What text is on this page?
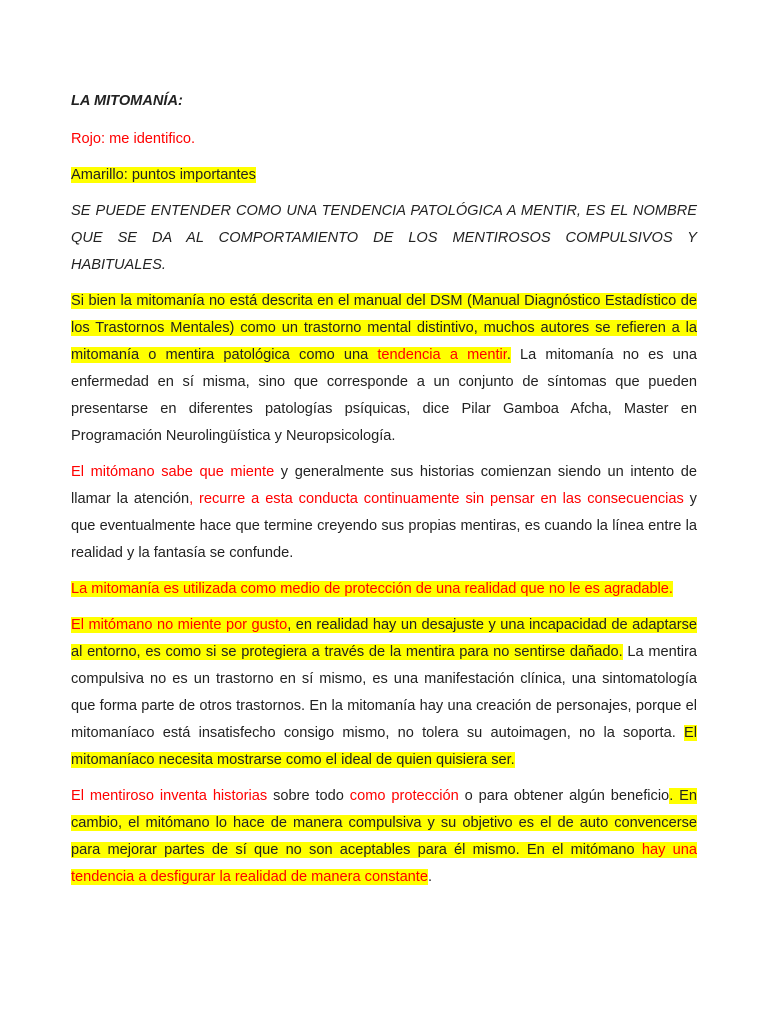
LA MITOMANÍA:

Rojo: me identifico.

Amarillo: puntos importantes

SE PUEDE ENTENDER COMO UNA TENDENCIA PATOLÓGICA A MENTIR, ES EL NOMBRE QUE SE DA AL COMPORTAMIENTO DE LOS MENTIROSOS COMPULSIVOS Y HABITUALES.

Si bien la mitomanía no está descrita en el manual del DSM (Manual Diagnóstico Estadístico de los Trastornos Mentales) como un trastorno mental distintivo, muchos autores se refieren a la mitomanía o mentira patológica como una tendencia a mentir. La mitomanía no es una enfermedad en sí misma, sino que corresponde a un conjunto de síntomas que pueden presentarse en diferentes patologías psíquicas, dice Pilar Gamboa Afcha, Master en Programación Neurolingüística y Neuropsicología.

El mitómano sabe que miente y generalmente sus historias comienzan siendo un intento de llamar la atención, recurre a esta conducta continuamente sin pensar en las consecuencias y que eventualmente hace que termine creyendo sus propias mentiras, es cuando la línea entre la realidad y la fantasía se confunde.

La mitomanía es utilizada como medio de protección de una realidad que no le es agradable.

El mitómano no miente por gusto, en realidad hay un desajuste y una incapacidad de adaptarse al entorno, es como si se protegiera a través de la mentira para no sentirse dañado. La mentira compulsiva no es un trastorno en sí mismo, es una manifestación clínica, una sintomatología que forma parte de otros trastornos. En la mitomanía hay una creación de personajes, porque el mitomaníaco está insatisfecho consigo mismo, no tolera su autoimagen, no la soporta. El mitomaníaco necesita mostrarse como el ideal de quien quisiera ser.

El mentiroso inventa historias sobre todo como protección o para obtener algún beneficio. En cambio, el mitómano lo hace de manera compulsiva y su objetivo es el de auto convencerse para mejorar partes de sí que no son aceptables para él mismo. En el mitómano hay una tendencia a desfigurar la realidad de manera constante.
